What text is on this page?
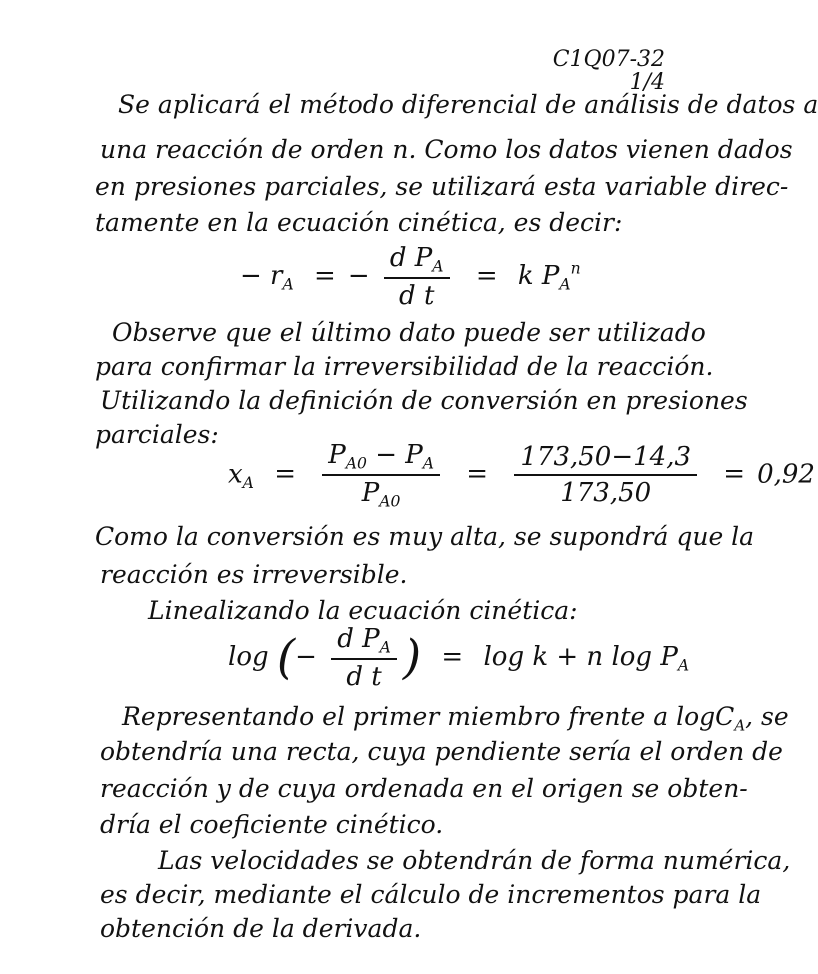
C1Q07-32
1/4
Se aplicará el método diferencial de análisis de datos a
una reacción de orden n. Como los datos vienen dados
en presiones parciales, se utilizará esta variable direc-
tamente en la ecuación cinética, es decir:
− $r_A$ = − $\frac{d P_A}{\text{d t}} = k$ $P_A^n$
Observe que el último dato puede ser utilizado
para confirmar la irreversibilidad de la reacción.
Utilizando la definición de conversión en presiones
parciales:
$x_A = \frac{P_{A0} - P_A}{P_{A0}} = \frac{173,50-14,3}{173,50} = 0,92$
Como la conversión es muy alta, se supondrá que la
reacción es irreversible.
Linealizando la ecuación cinética:
log (− $\frac{d P_A}{\text{d t}}$ ) = log k + n $\log P_A$
Representando el primer miembro frente a logC$_A$, se
obtendría una recta, cuya pendiente sería el orden de
reacción y de cuya ordenada en el origen se obten-
dría el coeficiente cinético.
Las velocidades se obtendrán de forma numérica,
es decir, mediante el cálculo de incrementos para la
obtención de la derivada.
